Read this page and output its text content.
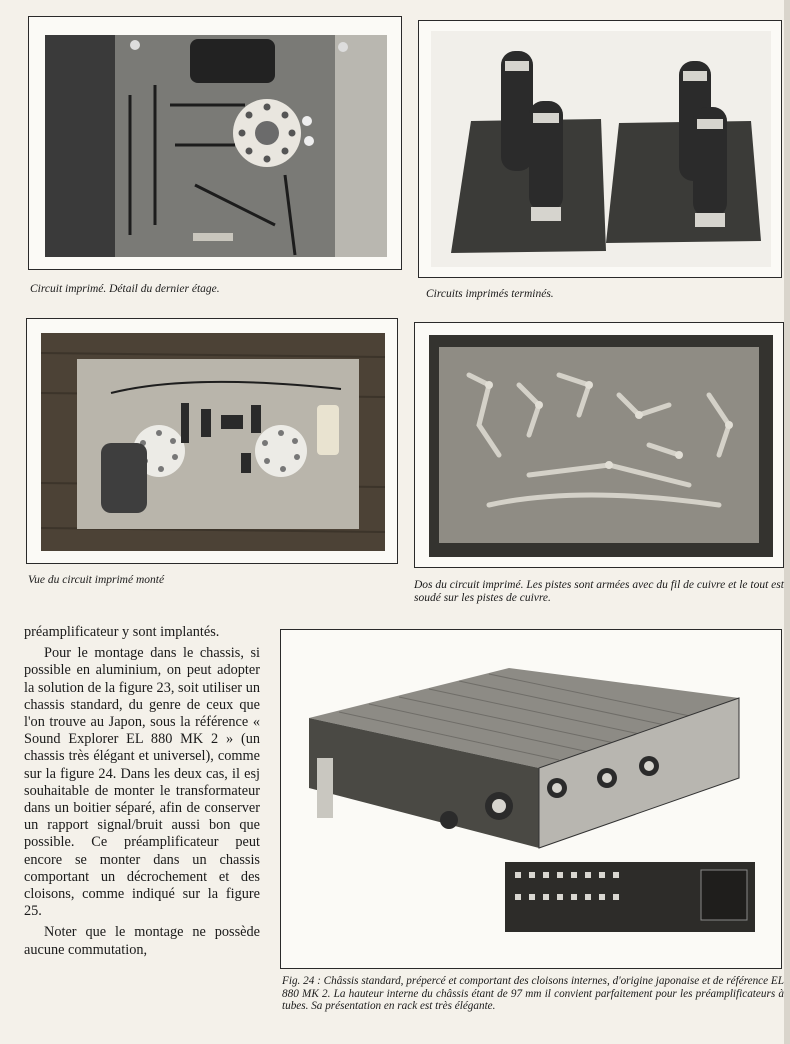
Circuit imprimé. Détail du dernier étage.	Circuits imprimés terminés.
Vue du circuit imprimé monté	Dos du circuit imprimé. Les pistes sont armées avec du fil de cuivre et le tout est soudé sur les pistes de cuivre.

préamplificateur y sont implantés.

Pour le montage dans le chassis, si possible en aluminium, on peut adopter la solution de la figure 23, soit utiliser un chassis standard, du genre de ceux que l'on trouve au Japon, sous la référence « Sound Explorer EL 880 MK 2 » (un chassis très élégant et universel), comme sur la figure 24. Dans les deux cas, il esj souhaitable de monter le transformateur dans un boitier séparé, afin de conserver un rapport signal/bruit aussi bon que possible. Ce préamplificateur peut encore se monter dans un chassis comportant un décrochement et des cloisons, comme indiqué sur la figure 25.

Noter que le montage ne possède aucune commutation,

Fig. 24 : Châssis standard, prépercé et comportant des cloisons internes, d'origine japonaise et de référence EL 880 MK 2. La hauteur interne du châssis étant de 97 mm il convient parfaitement pour les préamplificateurs à tubes. Sa présentation en rack est très élégante.
